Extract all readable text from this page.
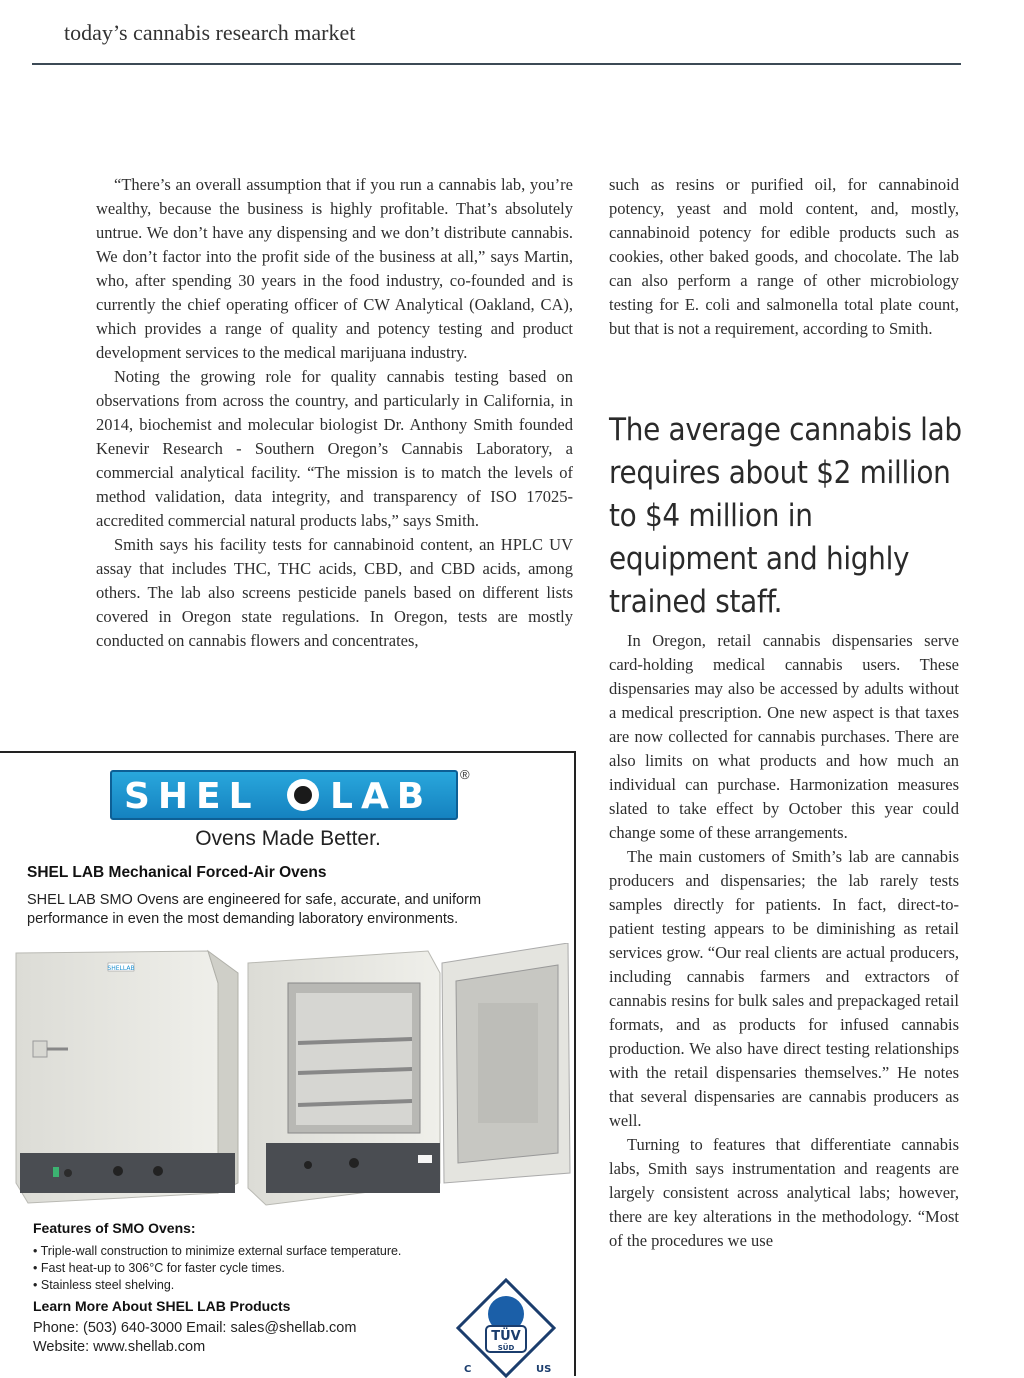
today’s cannabis research market

“There’s an overall assumption that if you run a cannabis lab, you’re wealthy, because the business is highly profitable. That’s absolutely untrue. We don’t have any dispensing and we don’t distribute cannabis. We don’t factor into the profit side of the business at all,” says Martin, who, after spending 30 years in the food industry, co-founded and is currently the chief operating officer of CW Analytical (Oakland, CA), which provides a range of quality and potency testing and product development services to the medical marijuana industry.

Noting the growing role for quality cannabis testing based on observations from across the country, and particularly in California, in 2014, biochemist and molecular biologist Dr. Anthony Smith founded Kenevir Research - Southern Oregon’s Cannabis Laboratory, a commercial analytical facility. “The mission is to match the levels of method validation, data integrity, and transparency of ISO 17025-accredited commercial natural products labs,” says Smith.

Smith says his facility tests for cannabinoid content, an HPLC UV assay that includes THC, THC acids, CBD, and CBD acids, among others. The lab also screens pesticide panels based on different lists covered in Oregon state regulations. In Oregon, tests are mostly conducted on cannabis flowers and concentrates,

such as resins or purified oil, for cannabinoid potency, yeast and mold content, and, mostly, cannabinoid potency for edible products such as cookies, other baked goods, and chocolate. The lab can also perform a range of other microbiology testing for E. coli and salmonella total plate count, but that is not a requirement, according to Smith.

The average cannabis lab requires about $2 million to $4 million in equipment and highly trained staff.

In Oregon, retail cannabis dispensaries serve card-holding medical cannabis users. These dispensaries may also be accessed by adults without a medical prescription. One new aspect is that taxes are now collected for cannabis purchases. There are also limits on what products and how much an individual can purchase. Harmonization measures slated to take effect by October this year could change some of these arrangements.

The main customers of Smith’s lab are cannabis producers and dispensaries; the lab rarely tests samples directly for patients. In fact, direct-to-patient testing appears to be diminishing as retail services grow. “Our real clients are actual producers, including cannabis farmers and extractors of cannabis resins for bulk sales and prepackaged retail formats, and as products for infused cannabis production. We also have direct testing relationships with the retail dispensaries themselves.” He notes that several dispensaries are cannabis producers as well.

Turning to features that differentiate cannabis labs, Smith says instrumentation and reagents are largely consistent across analytical labs; however, there are key alterations in the methodology. “Most of the procedures we use

SHEL LAB
®
Ovens Made Better.
SHEL LAB Mechanical Forced-Air Ovens
SHEL LAB SMO Ovens are engineered for safe, accurate, and uniform performance in even the most demanding laboratory environments.
SHELLAB
Features of SMO Ovens:
• Triple-wall construction to minimize external surface temperature.
• Fast heat-up to 306°C for faster cycle times.
• Stainless steel shelving.
Learn More About SHEL LAB Products
Phone: (503) 640-3000 Email: sales@shellab.com
Website: www.shellab.com
TÜV
SÜD
C	US
